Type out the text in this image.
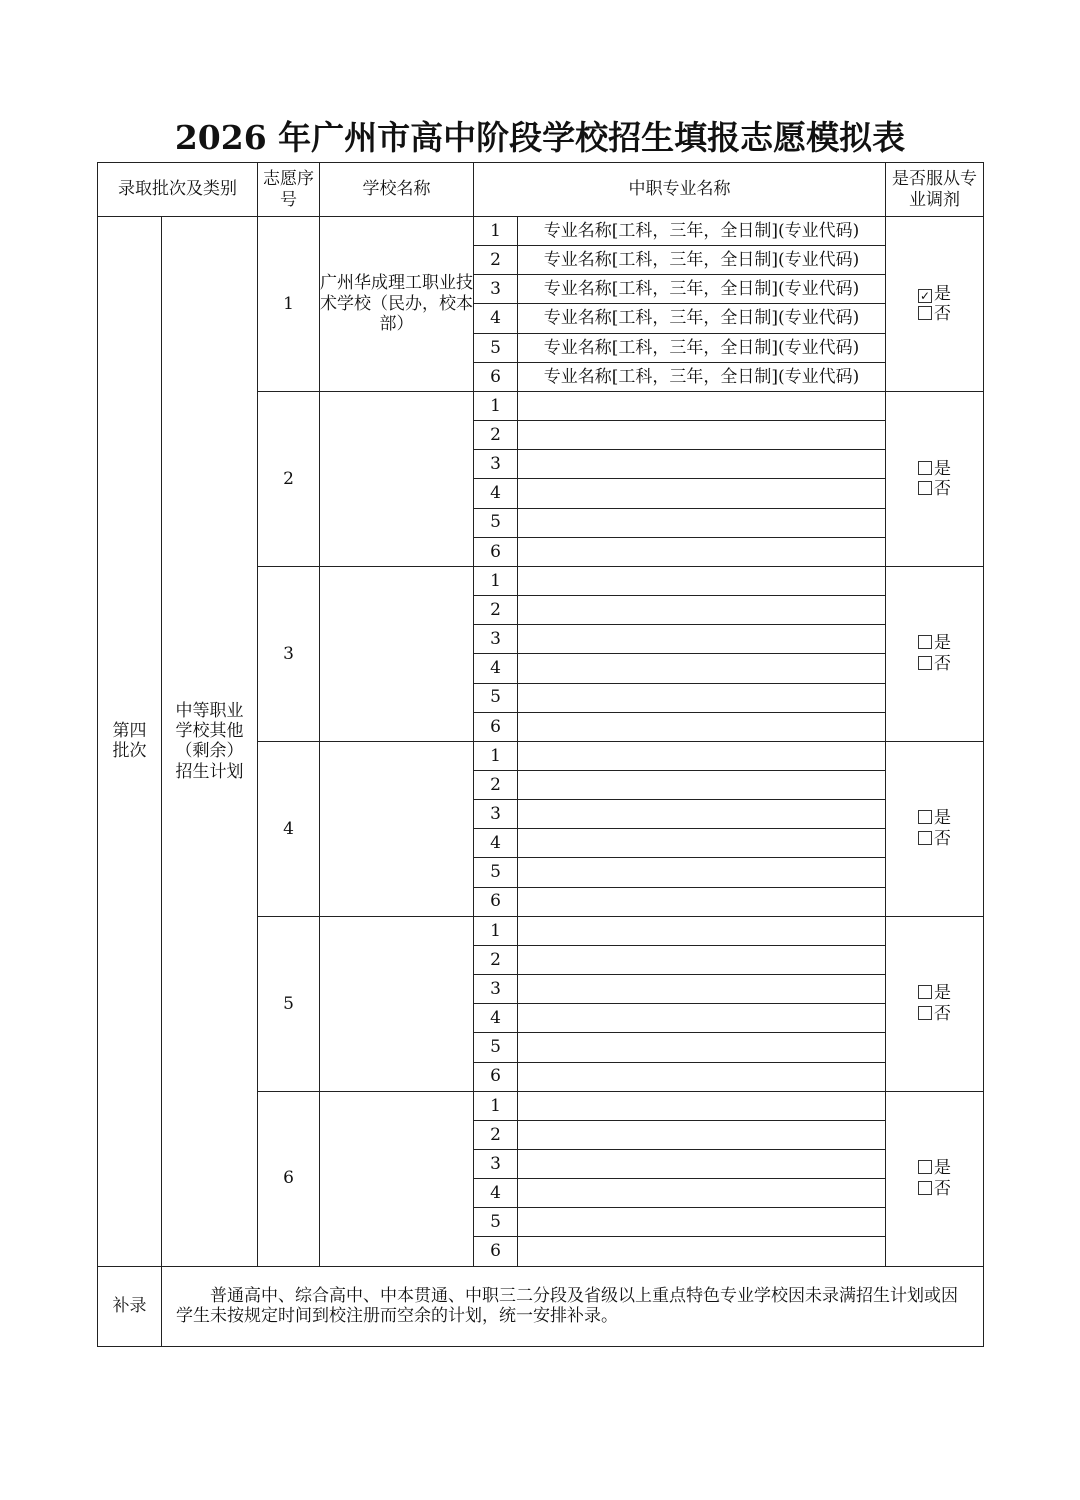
2026 年广州市高中阶段学校招生填报志愿模拟表
录取批次及类别		志愿序号	学校名称	中职专业名称		是否服从专业调剂
第四批次	中等职业学校其他（剩余）招生计划	1	广州华成理工职业技术学校（民办，校本部）	1	专业名称[工科，三年，全日制](专业代码)	✓ 是
否

				2	专业名称[工科，三年，全日制](专业代码)	
				3	专业名称[工科，三年，全日制](专业代码)	
				4	专业名称[工科，三年，全日制](专业代码)	
				5	专业名称[工科，三年，全日制](专业代码)	
				6	专业名称[工科，三年，全日制](专业代码)	
		2		1		是
否

				2		
				3		
				4		
				5		
				6		
		3		1		是
否

				2		
				3		
				4		
				5		
				6		
		4		1		是
否

				2		
				3		
				4		
				5		
				6		
		5		1		是
否

				2		
				3		
				4		
				5		
				6		
		6		1		是
否

				2		
				3		
				4		
				5		
				6		
补录	普通高中、综合高中、中本贯通、中职三二分段及省级以上重点特色专业学校因未录满招生计划或因学生未按规定时间到校注册而空余的计划，统一安排补录。					
